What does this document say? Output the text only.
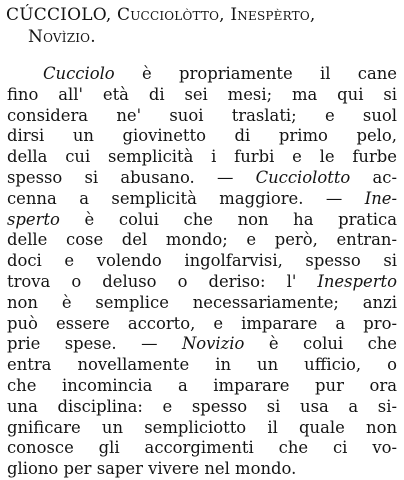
CÚCCIOLO, Cucciolòtto, Inespèrto,
Novìzio.
Cucciolo è propriamente il cane
fino all' età di sei mesi; ma qui si
considera ne' suoi traslati; e suol
dirsi un giovinetto di primo pelo,
della cui semplicità i furbi e le furbe
spesso si abusano. — Cucciolotto ac-
cenna a semplicità maggiore. — Ine-
sperto è colui che non ha pratica
delle cose del mondo; e però, entran-
doci e volendo ingolfarvisi, spesso si
trova o deluso o deriso: l' Inesperto
non è semplice necessariamente; anzi
può essere accorto, e imparare a pro-
prie spese. — Novizio è colui che
entra novellamente in un ufficio, o
che incomincia a imparare pur ora
una disciplina: e spesso si usa a si-
gnificare un sempliciotto il quale non
conosce gli accorgimenti che ci vo-
gliono per saper vivere nel mondo.
